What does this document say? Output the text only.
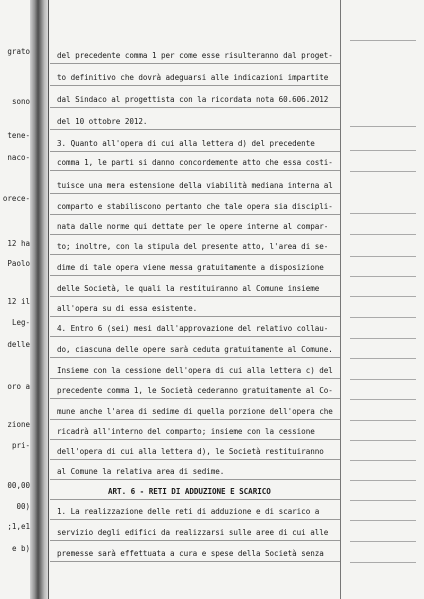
grato
sono
tene-
naco-
orece-
12 ha
Paolo
12 il
Leg-
delle
oro a
zione
pri-
00,00
00)
;1,e1
e b)
del precedente comma 1 per come esse risulteranno dal proget-
to definitivo che dovrà adeguarsi alle indicazioni impartite
dal Sindaco al progettista con la ricordata nota 60.606.2012
del 10 ottobre 2012.
3. Quanto all'opera di cui alla lettera d) del precedente
comma 1, le parti si danno concordemente atto che essa costi-
tuisce una mera estensione della viabilità mediana interna al
comparto e stabiliscono pertanto che tale opera sia discipli-
nata dalle norme qui dettate per le opere interne al compar-
to; inoltre, con la stipula del presente atto, l'area di se-
dime di tale opera viene messa gratuitamente a disposizione
delle Società, le quali la restituiranno al Comune insieme
all'opera su di essa esistente.
4. Entro 6 (sei) mesi dall'approvazione del relativo collau-
do, ciascuna delle opere sarà ceduta gratuitamente al Comune.
Insieme con la cessione dell'opera di cui alla lettera c) del
precedente comma 1, le Società cederanno gratuitamente al Co-
mune anche l'area di sedime di quella porzione dell'opera che
ricadrà all'interno del comparto; insieme con la cessione
dell'opera di cui alla lettera d), le Società restituiranno
al Comune la relativa area di sedime.
ART. 6 - RETI DI ADDUZIONE E SCARICO
1. La realizzazione delle reti di adduzione e di scarico a
servizio degli edifici da realizzarsi sulle aree di cui alle
premesse sarà effettuata a cura e spese della Società senza
